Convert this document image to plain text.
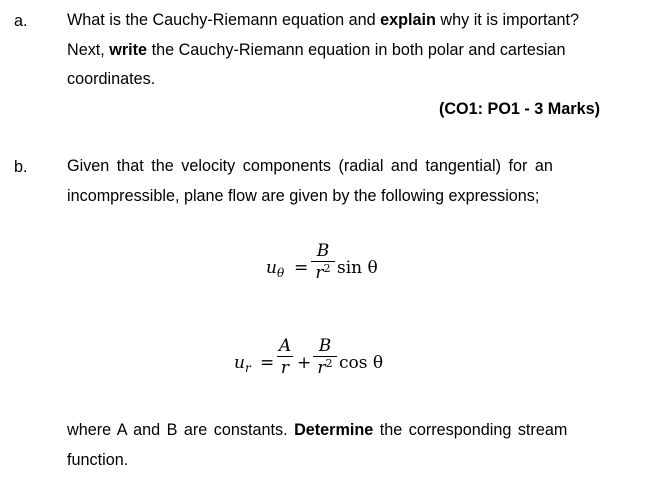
a. What is the Cauchy-Riemann equation and explain why it is important?
Next, write the Cauchy-Riemann equation in both polar and cartesian
coordinates.
(CO1: PO1 - 3 Marks)
b. Given that the velocity components (radial and tangential) for an
incompressible, plane flow are given by the following expressions;
$u_\theta$ =
B
$r^2$ sin θ
$u_r$ =
A
r +
B
$r^2$ cos θ
where A and B are constants. Determine the corresponding stream
function.
